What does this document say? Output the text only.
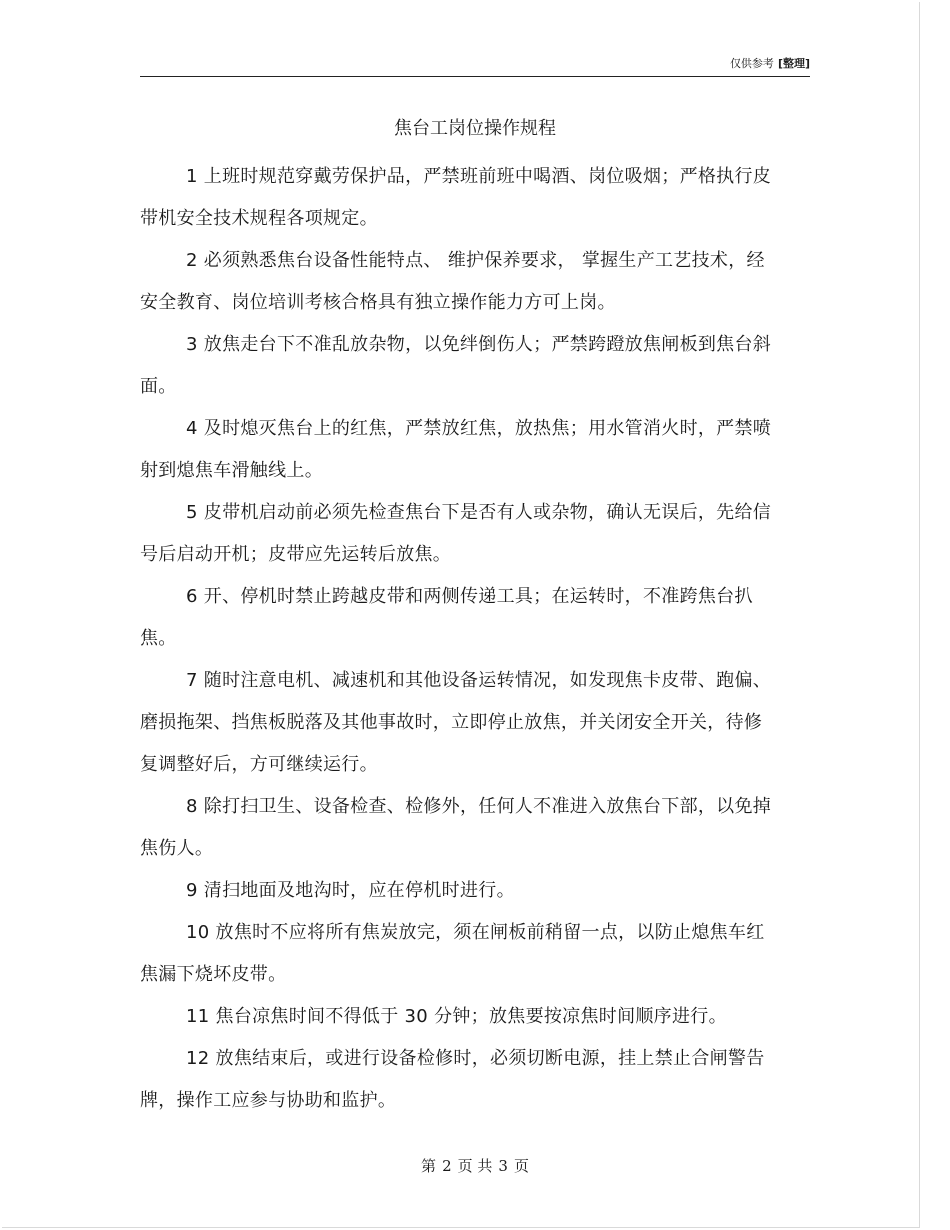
仅供参考 [整理]
焦台工岗位操作规程

1 上班时规范穿戴劳保护品，严禁班前班中喝酒、岗位吸烟；严格执行皮带机安全技术规程各项规定。

2 必须熟悉焦台设备性能特点、 维护保养要求， 掌握生产工艺技术，经安全教育、岗位培训考核合格具有独立操作能力方可上岗。

3 放焦走台下不准乱放杂物，以免绊倒伤人；严禁跨蹬放焦闸板到焦台斜面。

4 及时熄灭焦台上的红焦，严禁放红焦，放热焦；用水管消火时，严禁喷射到熄焦车滑触线上。

5 皮带机启动前必须先检查焦台下是否有人或杂物，确认无误后，先给信号后启动开机；皮带应先运转后放焦。

6 开、停机时禁止跨越皮带和两侧传递工具；在运转时，不准跨焦台扒焦。

7 随时注意电机、减速机和其他设备运转情况，如发现焦卡皮带、跑偏、磨损拖架、挡焦板脱落及其他事故时，立即停止放焦，并关闭安全开关，待修复调整好后，方可继续运行。

8 除打扫卫生、设备检查、检修外，任何人不准进入放焦台下部，以免掉焦伤人。

9 清扫地面及地沟时，应在停机时进行。

10 放焦时不应将所有焦炭放完，须在闸板前稍留一点，以防止熄焦车红焦漏下烧坏皮带。

11 焦台凉焦时间不得低于 30 分钟；放焦要按凉焦时间顺序进行。

12 放焦结束后，或进行设备检修时，必须切断电源，挂上禁止合闸警告牌，操作工应参与协助和监护。

第 2 页 共 3 页
